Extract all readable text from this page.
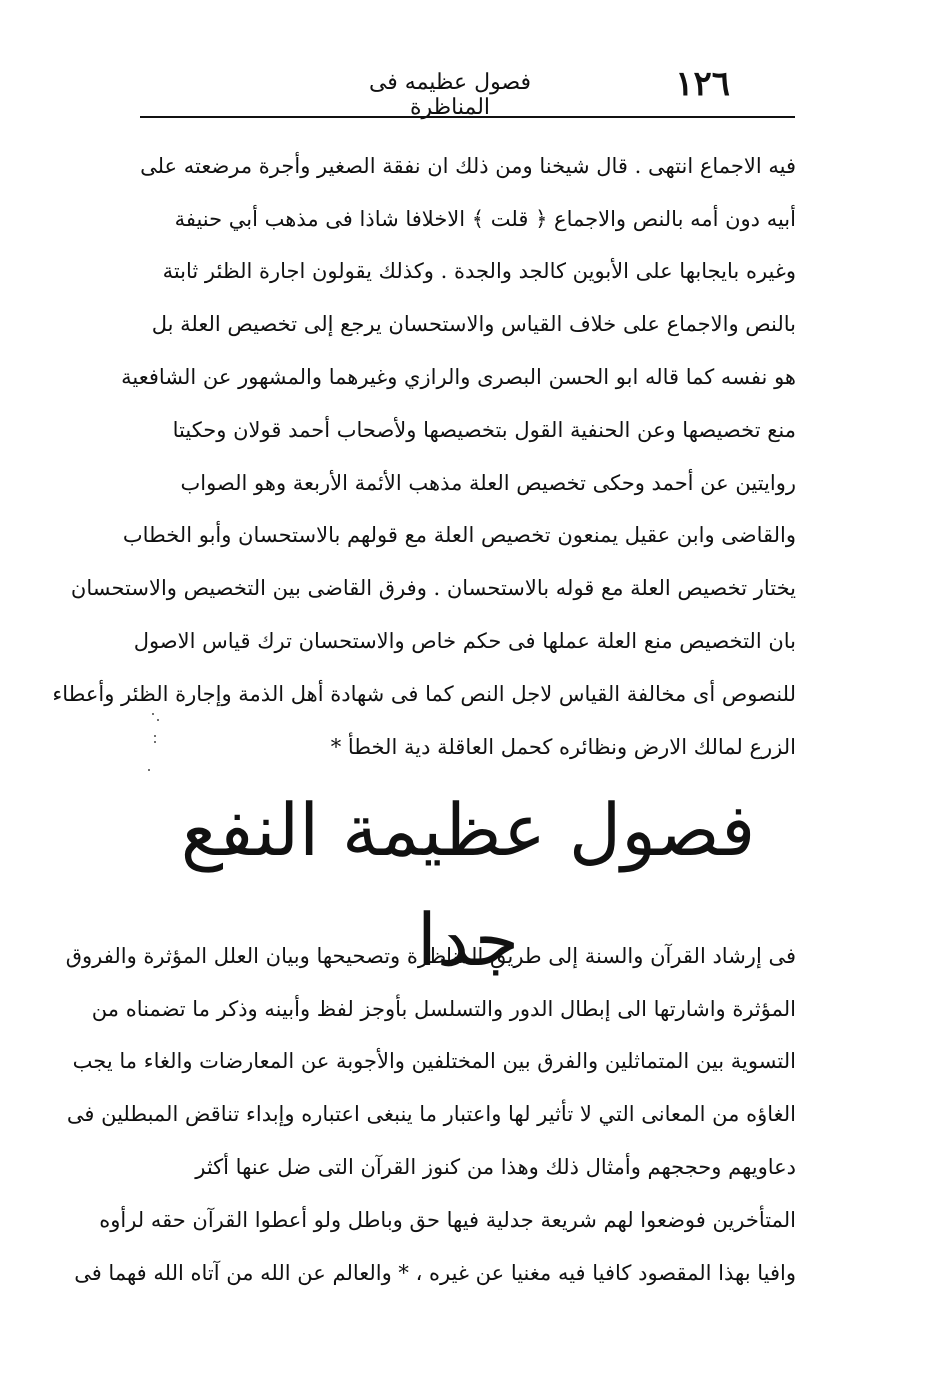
١٢٦
فصول عظيمه فى المناظرة
فيه الاجماع انتهى . قال شيخنا ومن ذلك ان نفقة الصغير وأجرة مرضعته على
أبيه دون أمه بالنص والاجماع ﴿ قلت ﴾ الاخلافا شاذا فى مذهب أبي حنيفة
وغيره بايجابها على الأبوين كالجد والجدة . وكذلك يقولون اجارة الظئر ثابتة
بالنص والاجماع على خلاف القياس والاستحسان يرجع إلى تخصيص العلة بل
هو نفسه كما قاله ابو الحسن البصرى والرازي وغيرهما والمشهور عن الشافعية
منع تخصيصها وعن الحنفية القول بتخصيصها ولأصحاب أحمد قولان وحكيتا
روايتين عن أحمد وحكى تخصيص العلة مذهب الأئمة الأربعة وهو الصواب
والقاضى وابن عقيل يمنعون تخصيص العلة مع قولهم بالاستحسان وأبو الخطاب
يختار تخصيص العلة مع قوله بالاستحسان . وفرق القاضى بين التخصيص والاستحسان
بان التخصيص منع العلة عملها فى حكم خاص والاستحسان ترك قياس الاصول
للنصوص أى مخالفة القياس لاجل النص كما فى شهادة أهل الذمة وإجارة الظئر وأعطاء
الزرع لمالك الارض ونظائره كحمل العاقلة دية الخطأ *
فصول عظيمة النفع جدا
فى إرشاد القرآن والسنة إلى طريق المناظرة وتصحيحها وبيان العلل المؤثرة والفروق
المؤثرة واشارتها الى إبطال الدور والتسلسل بأوجز لفظ وأبينه وذكر ما تضمناه من
التسوية بين المتماثلين والفرق بين المختلفين والأجوبة عن المعارضات والغاء ما يجب
الغاؤه من المعانى التي لا تأثير لها واعتبار ما ينبغى اعتباره وإبداء تناقض المبطلين فى
دعاويهم وحججهم وأمثال ذلك وهذا من كنوز القرآن التى ضل عنها أكثر
المتأخرين فوضعوا لهم شريعة جدلية فيها حق وباطل ولو أعطوا القرآن حقه لرأوه
وافيا بهذا المقصود كافيا فيه مغنيا عن غيره ، * والعالم عن الله من آتاه الله فهما فى
